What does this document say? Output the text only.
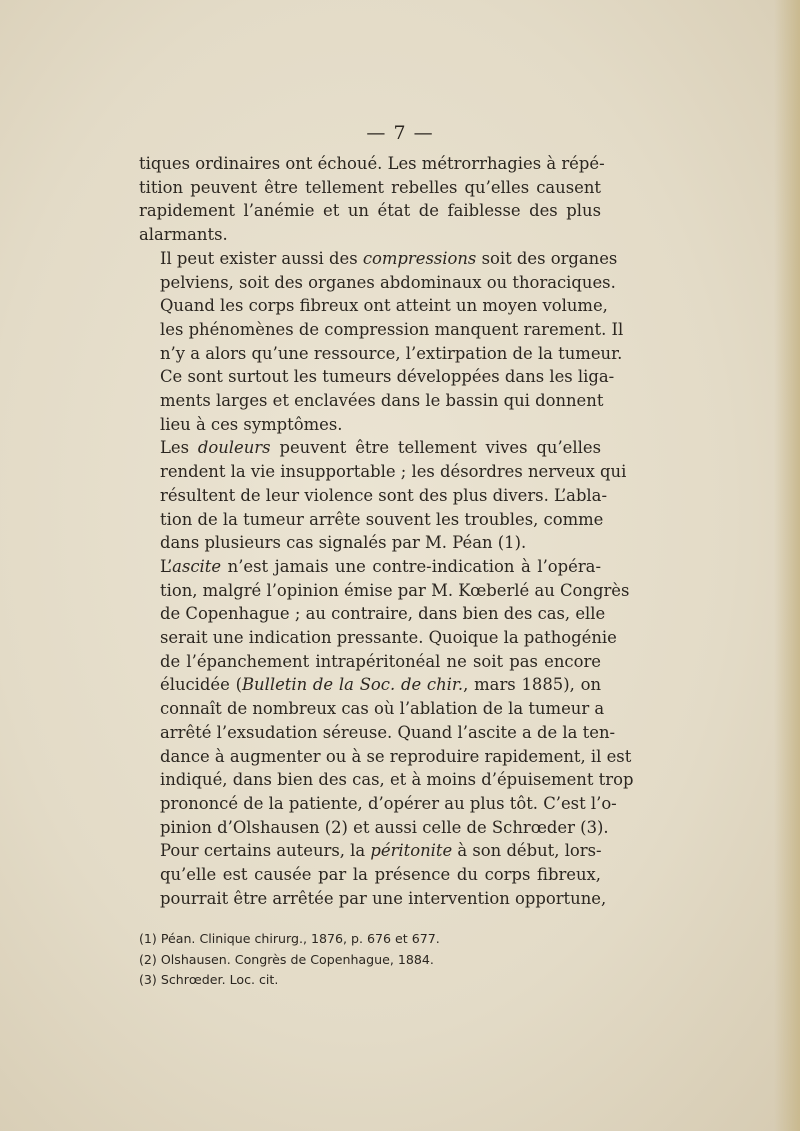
— 7 —

tiques ordinaires ont échoué. Les métrorrhagies à répé-
tition peuvent être tellement rebelles qu’elles causent
rapidement l’anémie et un état de faiblesse des plus
alarmants.

Il peut exister aussi des compressions soit des organes
pelviens, soit des organes abdominaux ou thoraciques.
Quand les corps fibreux ont atteint un moyen volume,
les phénomènes de compression manquent rarement. Il
n’y a alors qu’une ressource, l’extirpation de la tumeur.
Ce sont surtout les tumeurs développées dans les liga-
ments larges et enclavées dans le bassin qui donnent
lieu à ces symptômes.

Les douleurs peuvent être tellement vives qu’elles
rendent la vie insupportable ; les désordres nerveux qui
résultent de leur violence sont des plus divers. L’abla-
tion de la tumeur arrête souvent les troubles, comme
dans plusieurs cas signalés par M. Péan (1).

L’ascite n’est jamais une contre-indication à l’opéra-
tion, malgré l’opinion émise par M. Kœberlé au Congrès
de Copenhague ; au contraire, dans bien des cas, elle
serait une indication pressante. Quoique la pathogénie
de l’épanchement intrapéritonéal ne soit pas encore
élucidée (Bulletin de la Soc. de chir., mars 1885), on
connaît de nombreux cas où l’ablation de la tumeur a
arrêté l’exsudation séreuse. Quand l’ascite a de la ten-
dance à augmenter ou à se reproduire rapidement, il est
indiqué, dans bien des cas, et à moins d’épuisement trop
prononcé de la patiente, d’opérer au plus tôt. C’est l’o-
pinion d’Olshausen (2) et aussi celle de Schrœder (3).

Pour certains auteurs, la péritonite à son début, lors-
qu’elle est causée par la présence du corps fibreux,
pourrait être arrêtée par une intervention opportune,

(1) Péan. Clinique chirurg., 1876, p. 676 et 677.
(2) Olshausen. Congrès de Copenhague, 1884.
(3) Schrœder. Loc. cit.
